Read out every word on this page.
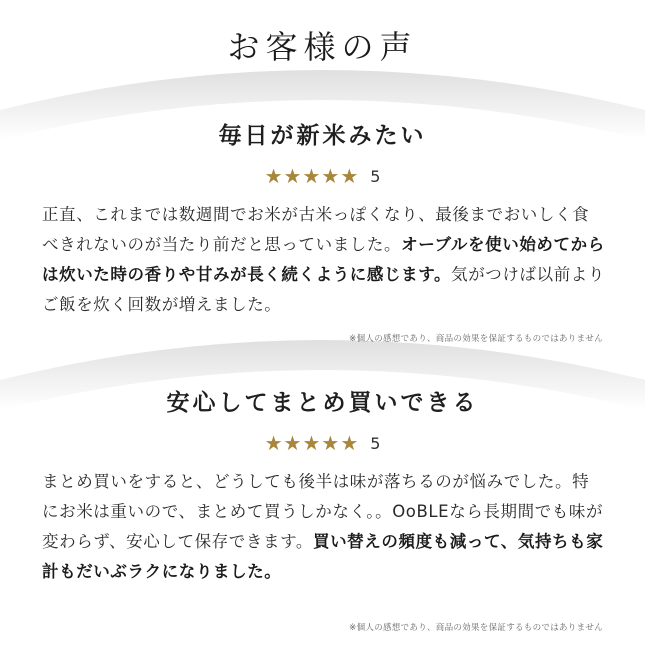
お客様の声
毎日が新米みたい
★ ★ ★ ★ ★ 5

正直、これまでは数週間でお米が古米っぽくなり、最後までおいしく食べきれないのが当たり前だと思っていました。オーブルを使い始めてからは炊いた時の香りや甘みが長く続くように感じます。気がつけば以前よりご飯を炊く回数が増えました。

※個人の感想であり、商品の効果を保証するものではありません
安心してまとめ買いできる
★ ★ ★ ★ ★ 5

まとめ買いをすると、どうしても後半は味が落ちるのが悩みでした。特にお米は重いので、まとめて買うしかなく。。OoBLEなら長期間でも味が変わらず、安心して保存できます。買い替えの頻度も減って、気持ちも家計もだいぶラクになりました。

※個人の感想であり、商品の効果を保証するものではありません
